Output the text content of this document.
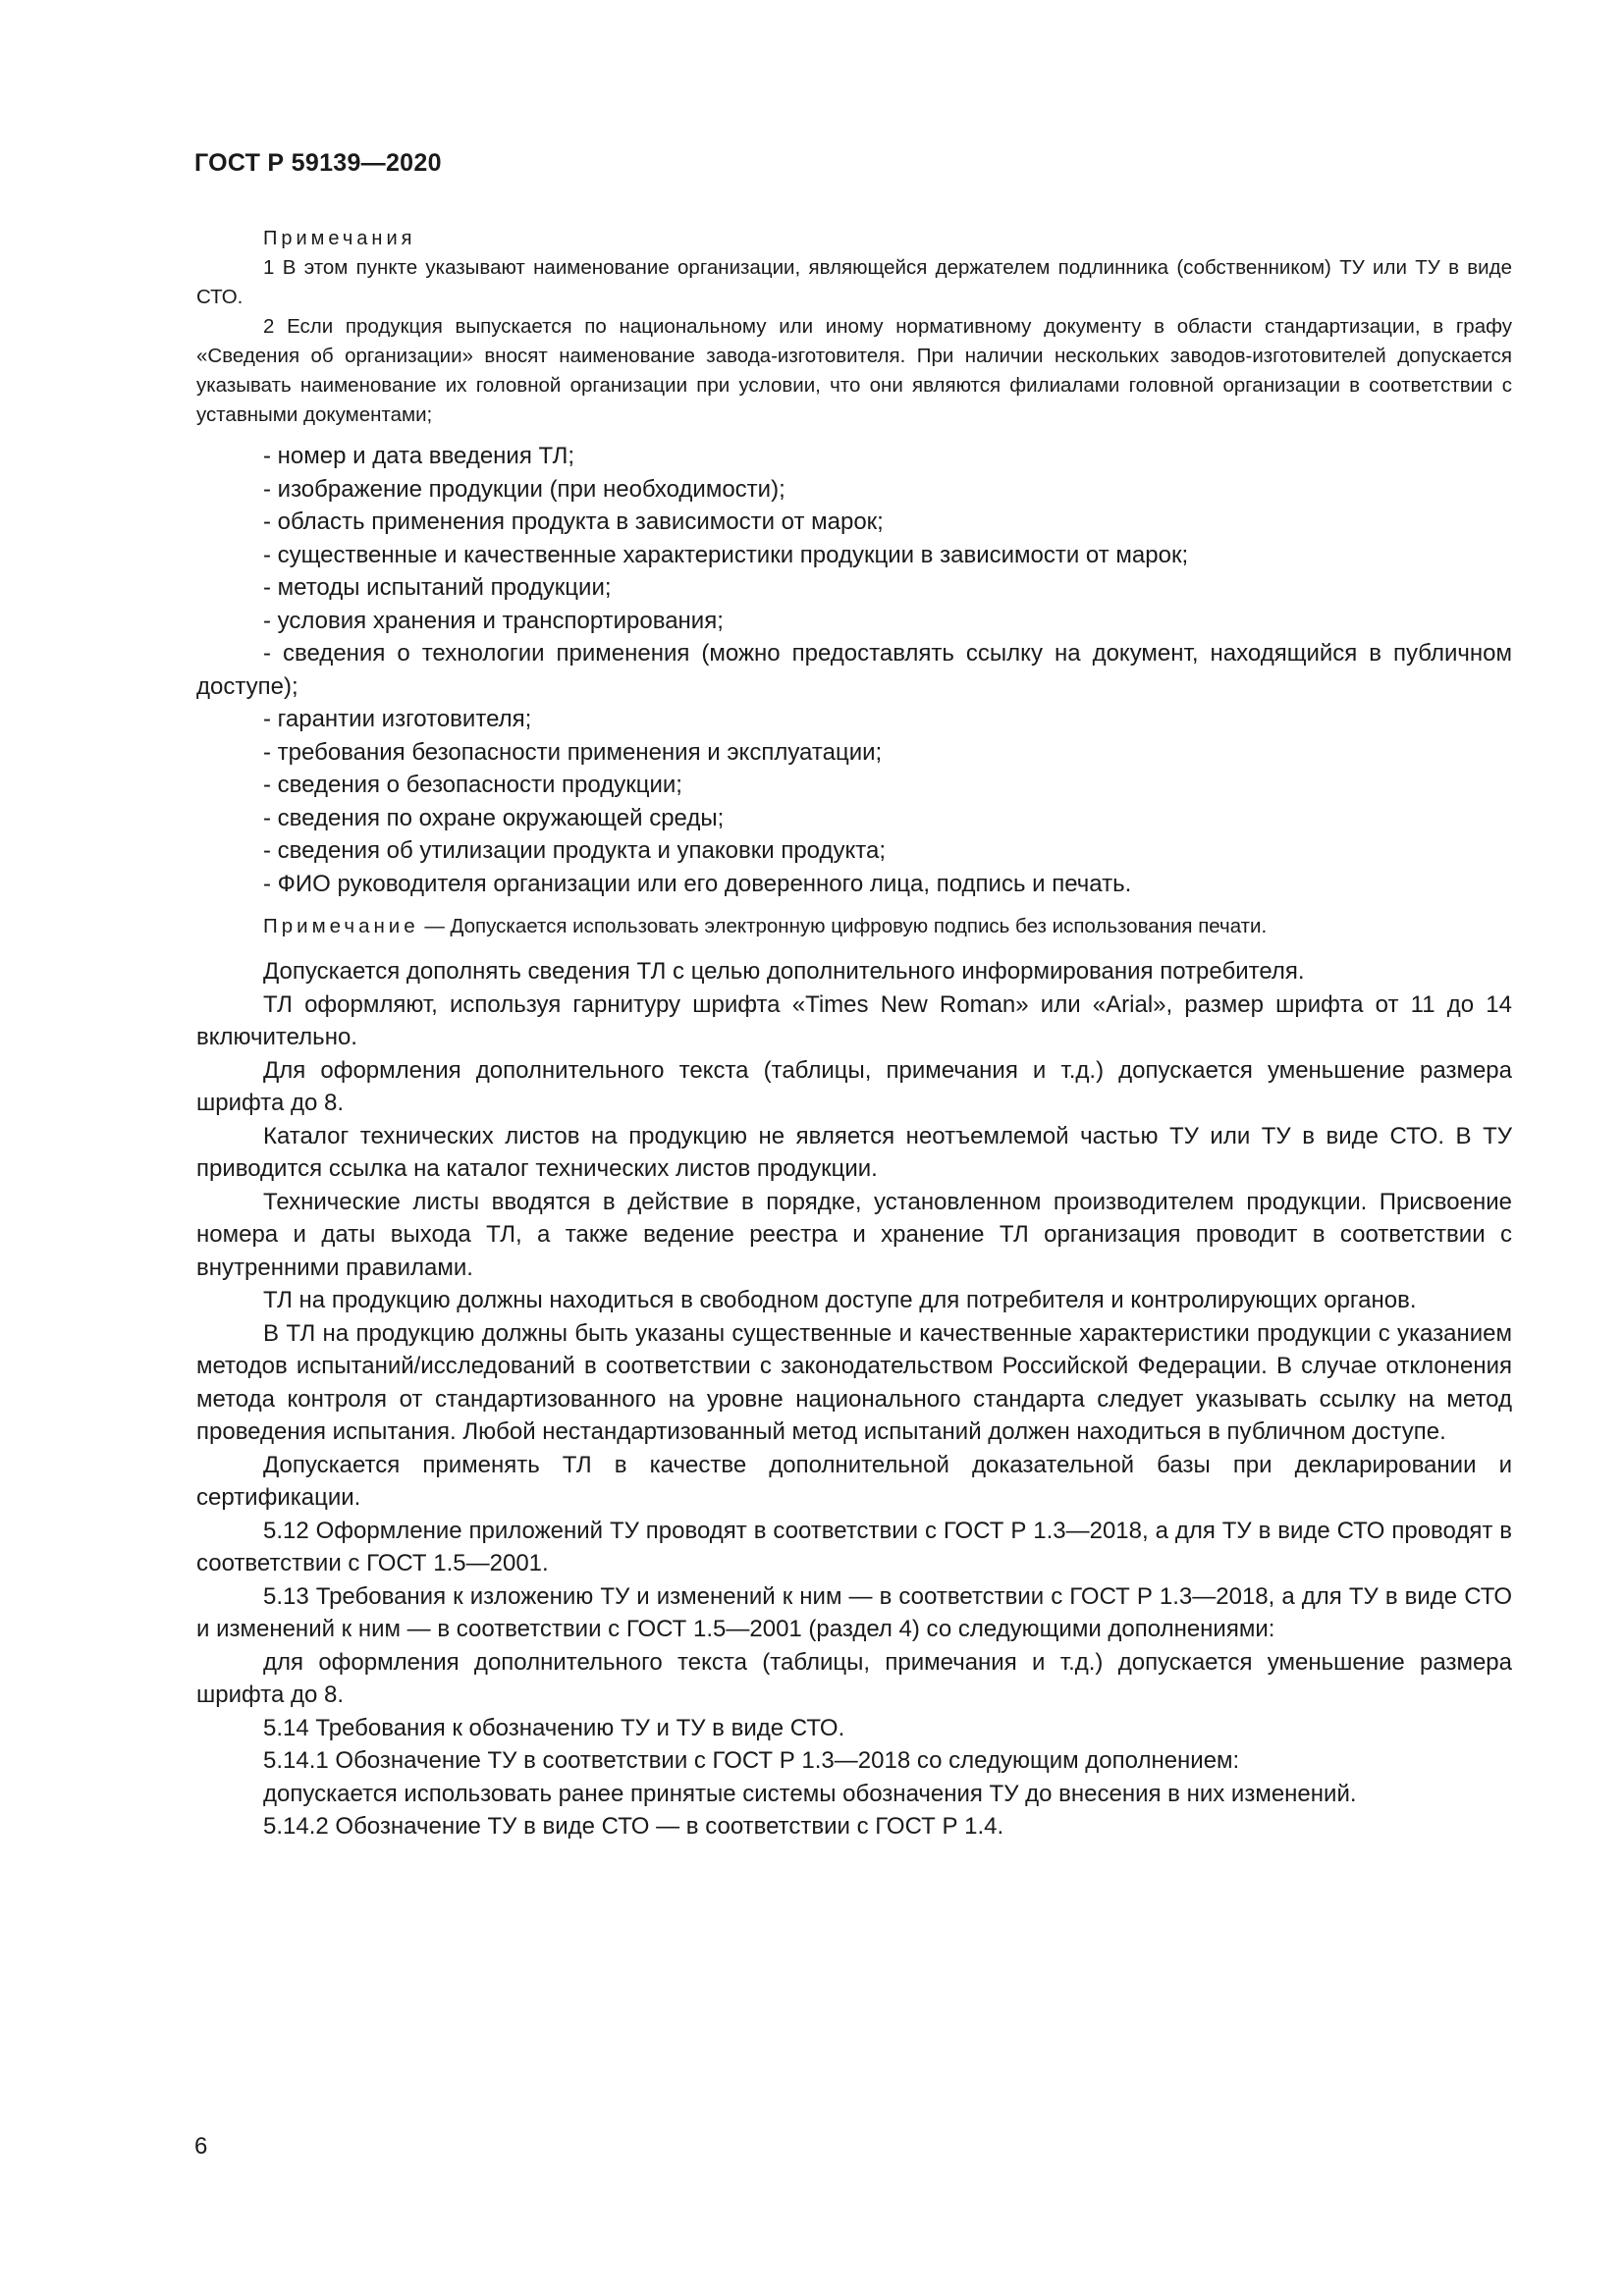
ГОСТ Р 59139—2020

Примечания

1 В этом пункте указывают наименование организации, являющейся держателем подлинника (собственником) ТУ или ТУ в виде СТО.

2 Если продукция выпускается по национальному или иному нормативному документу в области стандартизации, в графу «Сведения об организации» вносят наименование завода-изготовителя. При наличии нескольких заводов-изготовителей допускается указывать наименование их головной организации при условии, что они являются филиалами головной организации в соответствии с уставными документами;

- номер и дата введения ТЛ;

- изображение продукции (при необходимости);

- область применения продукта в зависимости от марок;

- существенные и качественные характеристики продукции в зависимости от марок;

- методы испытаний продукции;

- условия хранения и транспортирования;

- сведения о технологии применения (можно предоставлять ссылку на документ, находящийся в публичном доступе);

- гарантии изготовителя;

- требования безопасности применения и эксплуатации;

- сведения о безопасности продукции;

- сведения по охране окружающей среды;

- сведения об утилизации продукта и упаковки продукта;

- ФИО руководителя организации или его доверенного лица, подпись и печать.

Примечание — Допускается использовать электронную цифровую подпись без использования печати.

Допускается дополнять сведения ТЛ с целью дополнительного информирования потребителя.

ТЛ оформляют, используя гарнитуру шрифта «Times New Roman» или «Arial», размер шрифта от 11 до 14 включительно.

Для оформления дополнительного текста (таблицы, примечания и т.д.) допускается уменьшение размера шрифта до 8.

Каталог технических листов на продукцию не является неотъемлемой частью ТУ или ТУ в виде СТО. В ТУ приводится ссылка на каталог технических листов продукции.

Технические листы вводятся в действие в порядке, установленном производителем продукции. Присвоение номера и даты выхода ТЛ, а также ведение реестра и хранение ТЛ организация проводит в соответствии с внутренними правилами.

ТЛ на продукцию должны находиться в свободном доступе для потребителя и контролирующих органов.

В ТЛ на продукцию должны быть указаны существенные и качественные характеристики продукции с указанием методов испытаний/исследований в соответствии с законодательством Российской Федерации. В случае отклонения метода контроля от стандартизованного на уровне национального стандарта следует указывать ссылку на метод проведения испытания. Любой нестандартизованный метод испытаний должен находиться в публичном доступе.

Допускается применять ТЛ в качестве дополнительной доказательной базы при декларировании и сертификации.

5.12 Оформление приложений ТУ проводят в соответствии с ГОСТ Р 1.3—2018, а для ТУ в виде СТО проводят в соответствии с ГОСТ 1.5—2001.

5.13 Требования к изложению ТУ и изменений к ним — в соответствии с ГОСТ Р 1.3—2018, а для ТУ в виде СТО и изменений к ним — в соответствии с ГОСТ 1.5—2001 (раздел 4) со следующими дополнениями:

для оформления дополнительного текста (таблицы, примечания и т.д.) допускается уменьшение размера шрифта до 8.

5.14 Требования к обозначению ТУ и ТУ в виде СТО.

5.14.1 Обозначение ТУ в соответствии с ГОСТ Р 1.3—2018 со следующим дополнением:

допускается использовать ранее принятые системы обозначения ТУ до внесения в них изменений.

5.14.2 Обозначение ТУ в виде СТО — в соответствии с ГОСТ Р 1.4.

6
